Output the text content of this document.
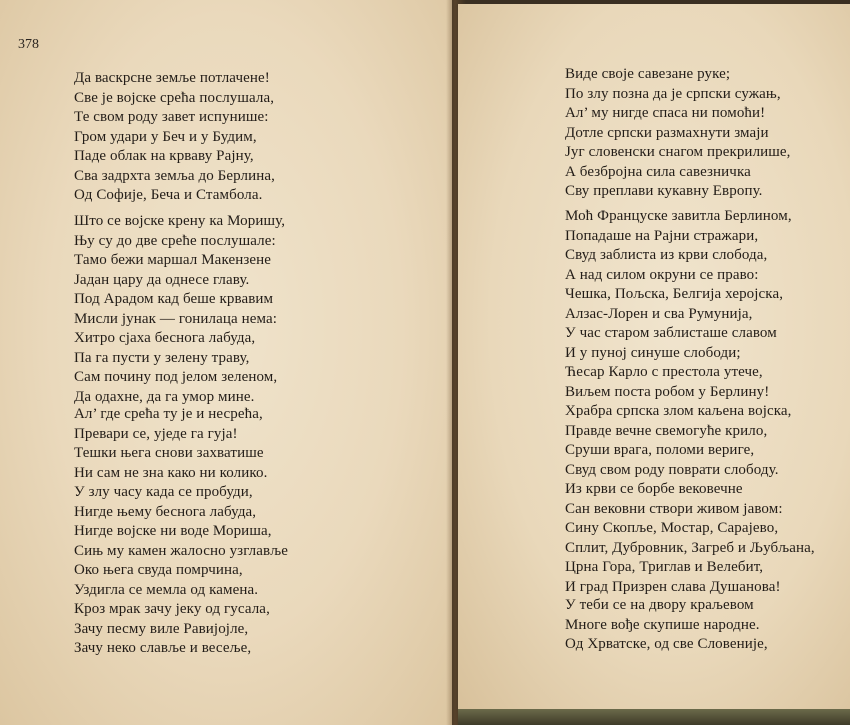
378
Да васкрсне земље потлачене!
Све је војске срећа послушала,
Те свом роду завет испунише:
Гром удари у Беч и у Будим,
Паде облак на крваву Рајну,
Сва задрхта земља до Берлина,
Од Софије, Беча и Стамбола.
Што се војске крену ка Моришу,
Њу су до две среће послушале:
Тамо бежи маршал Макензене
Јадан цару да однесе главу.
Под Арадом кад беше крвавим
Мисли јунак — гонилаца нема:
Хитро сјаха беснога лабуда,
Па га пусти у зелену траву,
Сам почину под јелом зеленом,
Да одахне, да га умор мине.
Ал’ где срећа ту је и несрећа,
Превари се, уједе га гуја!
Тешки њега снови захватише
Ни сам не зна како ни колико.
У злу часу када се пробуди,
Нигде њему беснога лабуда,
Нигде војске ни воде Мориша,
Сињ му камен жалосно узглавље
Око њега свуда помрчина,
Уздигла се мемла од камена.
Кроз мрак зачу јеку од гусала,
Зачу песму виле Равијојле,
Зачу неко славље и весеље,
Виде своје савезане руке;
По злу позна да је српски сужањ,
Ал’ му нигде спаса ни помоћи!
Дотле српски размахнути змаји
Југ словенски снагом прекрилише,
А безбројна сила савезничка
Сву преплави кукавну Европу.
Моћ Француске завитла Берлином,
Попадаше на Рајни стражари,
Свуд заблиста из крви слобода,
А над силом окруни се право:
Чешка, Пољска, Белгија херојска,
Алзас-Лорен и сва Румунија,
У час старом заблисташе славом
И у пуној синуше слободи;
Ћесар Карло с престола утече,
Виљем поста робом у Берлину!
Храбра српска злом каљена војска,
Правде вечне свемогуће крило,
Сруши врага, поломи вериге,
Свуд свом роду поврати слободу.
Из крви се борбе вековечне
Сан вековни створи живом јавом:
Сину Скопље, Мостар, Сарајево,
Сплит, Дубровник, Загреб и Љубљана,
Црна Гора, Триглав и Велебит,
И град Призрен слава Душанова!
У теби се на двору краљевом
Многе вође скупише народне.
Од Хрватске, од све Словеније,
